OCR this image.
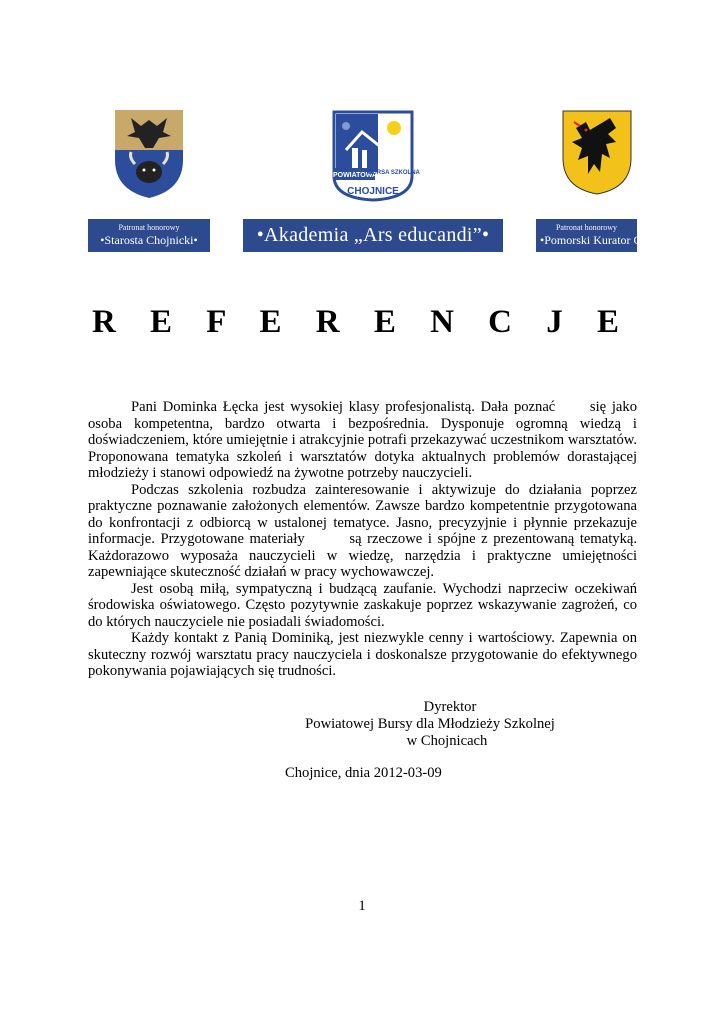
POWIATOWA
BURSA SZKOLNA
CHOJNICE
Patronat honorowy
•Starosta Chojnicki•	•Akademia „Ars educandi”•	Patronat honorowy
•Pomorski Kurator Oświ
R E F E R E N C J E

Pani Dominka Łęcka jest wysokiej klasy profesjonalistą. Dała poznać      się jako osoba kompetentna, bardzo otwarta i bezpośrednia. Dysponuje ogromną wiedzą i doświadczeniem, które umiejętnie i atrakcyjnie potrafi przekazywać uczestnikom warsztatów. Proponowana tematyka szkoleń i warsztatów dotyka aktualnych problemów dorastającej młodzieży i stanowi odpowiedź na żywotne potrzeby nauczycieli.

Podczas szkolenia rozbudza zainteresowanie i aktywizuje do działania poprzez praktyczne poznawanie założonych elementów. Zawsze bardzo kompetentnie przygotowana do konfrontacji z odbiorcą w ustalonej tematyce. Jasno, precyzyjnie i płynnie przekazuje informacje. Przygotowane materiały        są rzeczowe i spójne z prezentowaną tematyką. Każdorazowo wyposaża nauczycieli w wiedzę, narzędzia i praktyczne umiejętności zapewniające skuteczność działań w pracy wychowawczej.

Jest osobą miłą, sympatyczną i budzącą zaufanie. Wychodzi naprzeciw oczekiwań środowiska oświatowego. Często pozytywnie zaskakuje poprzez wskazywanie zagrożeń, co do których nauczyciele nie posiadali świadomości.

Każdy kontakt z Panią Dominiką, jest niezwykle cenny i wartościowy. Zapewnia on skuteczny rozwój warsztatu pracy nauczyciela i doskonalsze przygotowanie do efektywnego pokonywania pojawiających się trudności.

Dyrektor
Powiatowej Bursy dla Młodzieży Szkolnej
w Chojnicach
Chojnice, dnia 2012-03-09
1
